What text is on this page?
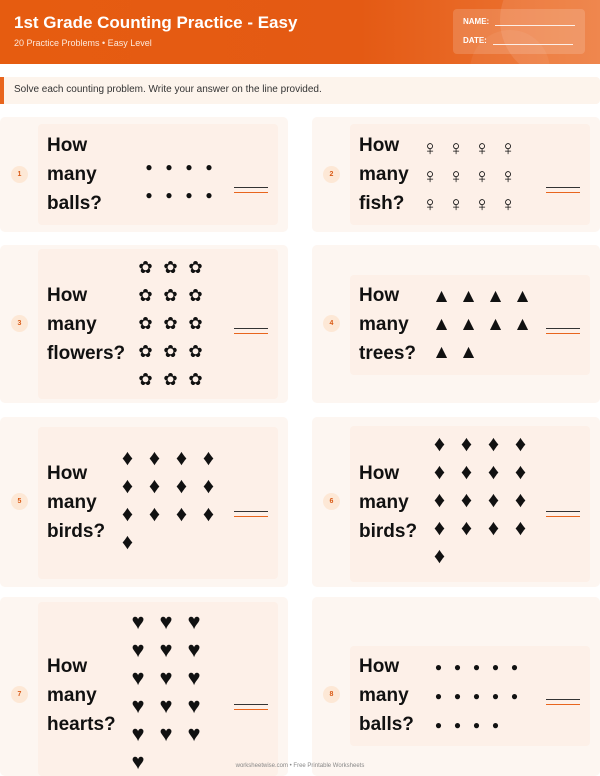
1st Grade Counting Practice - Easy
20 Practice Problems • Easy Level
NAME:
DATE:
Solve each counting problem. Write your answer on the line provided.
1
How
many
balls?
●	●	●	●
●	●	●	●
2
How
many
fish?
♀ ♀ ♀ ♀
♀ ♀ ♀ ♀
♀ ♀ ♀ ♀
3
How
many
flowers?
✿ ✿ ✿
✿ ✿ ✿
✿ ✿ ✿
✿ ✿ ✿
✿ ✿ ✿
4
How
many
trees?
▲ ▲ ▲ ▲
▲ ▲ ▲ ▲
▲ ▲
5
How
many
birds?
♦ ♦ ♦ ♦
♦ ♦ ♦ ♦
♦ ♦ ♦ ♦
♦
6
How
many
birds?
♦ ♦ ♦ ♦
♦ ♦ ♦ ♦
♦ ♦ ♦ ♦
♦ ♦ ♦ ♦
♦
7
How
many
hearts?
♥ ♥ ♥
♥ ♥ ♥
♥ ♥ ♥
♥ ♥ ♥
♥ ♥ ♥
♥
8
How
many
balls?
● ● ● ● ●
● ● ● ● ●
● ● ● ●
worksheetwise.com • Free Printable Worksheets
